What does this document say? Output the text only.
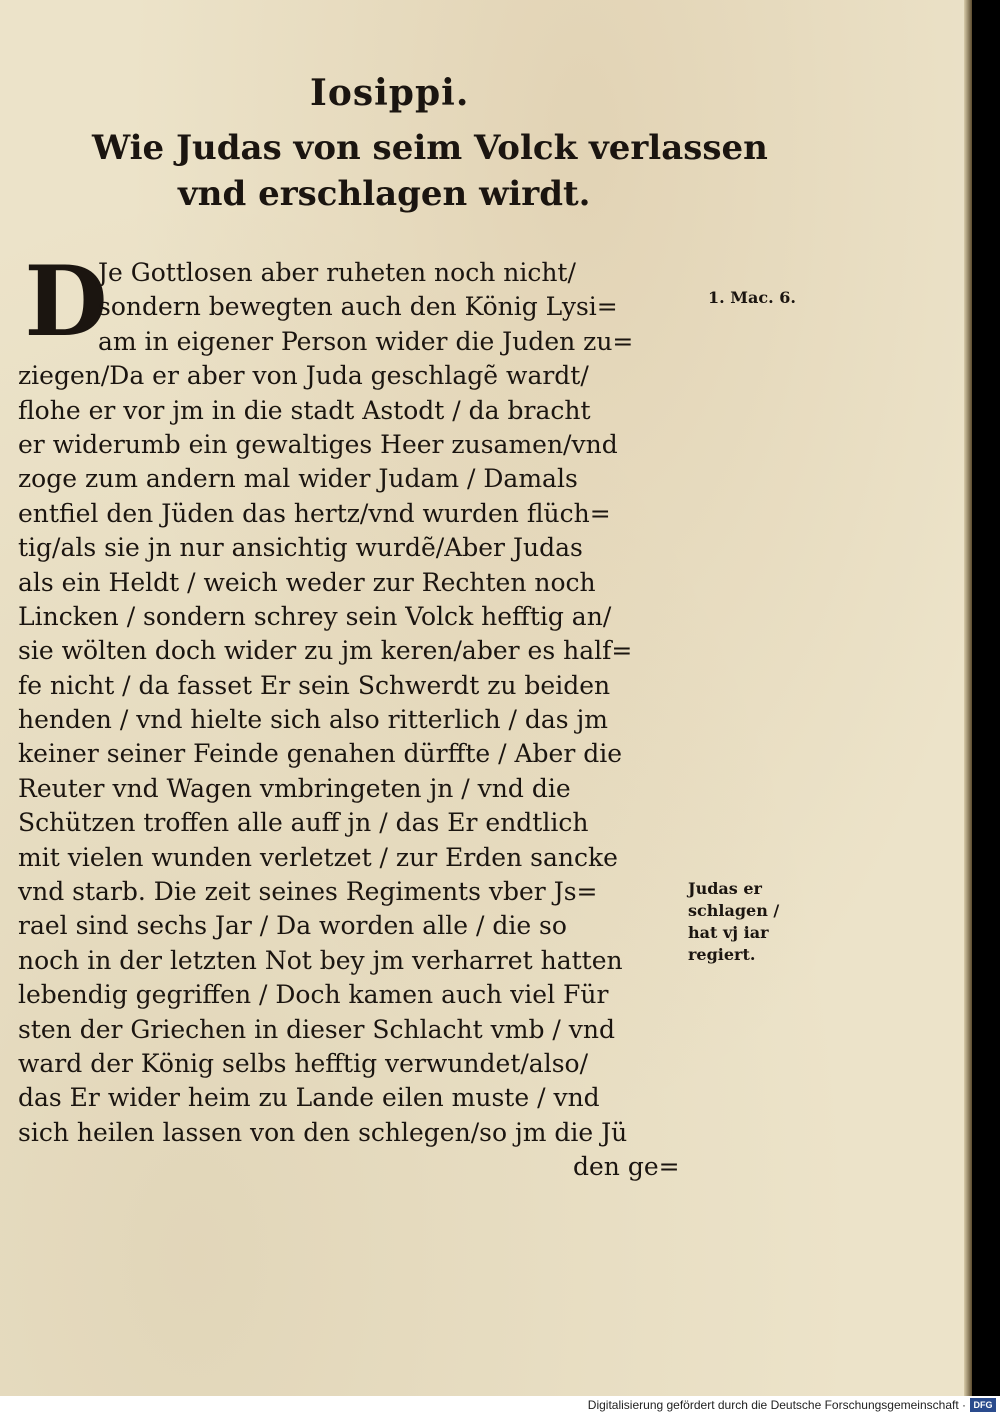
Iosippi.
Wie Judas von seim Volck verlassen
vnd erschlagen wirdt.
D
Je Gottlosen aber ruheten noch nicht/
sondern bewegten auch den König Lysi=
am in eigener Person wider die Juden zu=
ziegen/Da er aber von Juda geschlagẽ wardt/
flohe er vor jm in die stadt Astodt / da bracht
er widerumb ein gewaltiges Heer zusamen/vnd
zoge zum andern mal wider Judam / Damals
entfiel den Jüden das hertz/vnd wurden flüch=
tig/als sie jn nur ansichtig wurdẽ/Aber Judas
als ein Heldt / weich weder zur Rechten noch
Lincken / sondern schrey sein Volck hefftig an/
sie wölten doch wider zu jm keren/aber es half=
fe nicht / da fasset Er sein Schwerdt zu beiden
henden / vnd hielte sich also ritterlich / das jm
keiner seiner Feinde genahen dürffte / Aber die
Reuter vnd Wagen vmbringeten jn / vnd die
Schützen troffen alle auff jn / das Er endtlich
mit vielen wunden verletzet / zur Erden sancke
vnd starb. Die zeit seines Regiments vber Js=
rael sind sechs Jar / Da worden alle / die so
noch in der letzten Not bey jm verharret hatten
lebendig gegriffen / Doch kamen auch viel Für
sten der Griechen in dieser Schlacht vmb / vnd
ward der König selbs hefftig verwundet/also/
das Er wider heim zu Lande eilen muste / vnd
sich heilen lassen von den schlegen/so jm die Jü
den ge=
1. Mac. 6.
Judas er
schlagen /
hat vj iar
regiert.
Digitalisierung gefördert durch die Deutsche Forschungsgemeinschaft · DFG
